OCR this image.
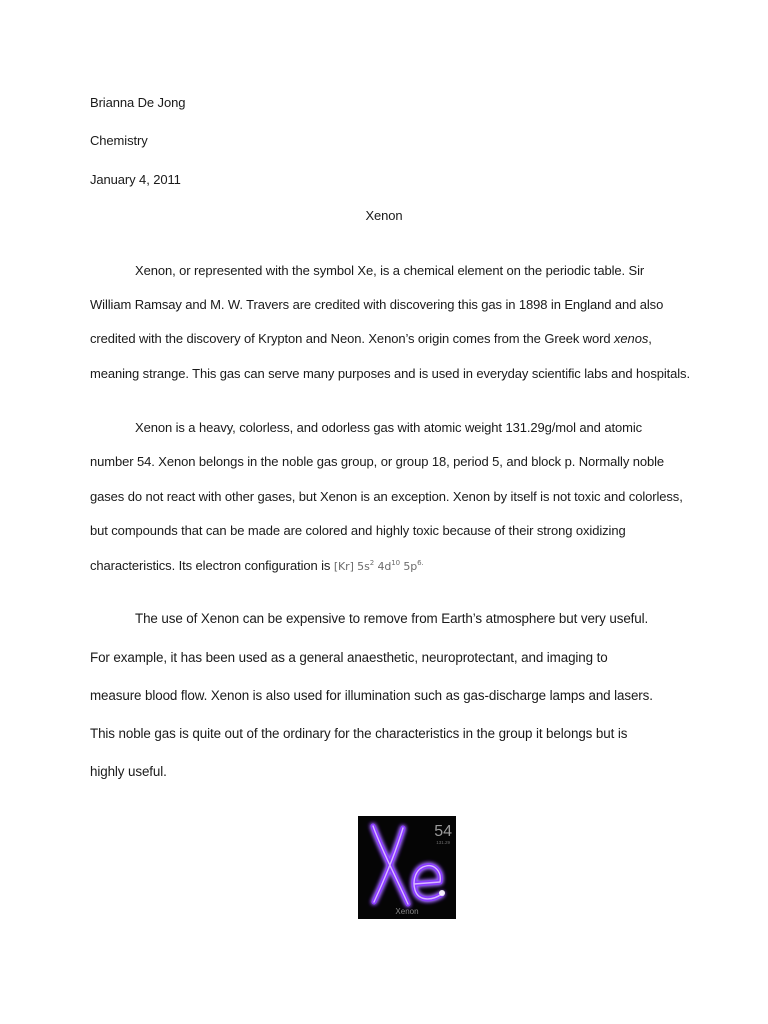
Brianna De Jong
Chemistry
January 4, 2011
Xenon
Xenon, or represented with the symbol Xe, is a chemical element on the periodic table. Sir
William Ramsay and M. W. Travers are credited with discovering this gas in 1898 in England and also
credited with the discovery of Krypton and Neon. Xenon’s origin comes from the Greek word xenos,
meaning strange. This gas can serve many purposes and is used in everyday scientific labs and hospitals.
Xenon is a heavy, colorless, and odorless gas with atomic weight 131.29g/mol and atomic
number 54. Xenon belongs in the noble gas group, or group 18, period 5, and block p. Normally noble
gases do not react with other gases, but Xenon is an exception. Xenon by itself is not toxic and colorless,
but compounds that can be made are colored and highly toxic because of their strong oxidizing
characteristics. Its electron configuration is [Kr] $5s^2$ $4d^{10}$ $5p^{6.}$
The use of Xenon can be expensive to remove from Earth’s atmosphere but very useful.
For example, it has been used as a general anaesthetic, neuroprotectant, and imaging to
measure blood flow. Xenon is also used for illumination such as gas-discharge lamps and lasers.
This noble gas is quite out of the ordinary for the characteristics in the group it belongs but is
highly useful.
54
131.29
Xenon
